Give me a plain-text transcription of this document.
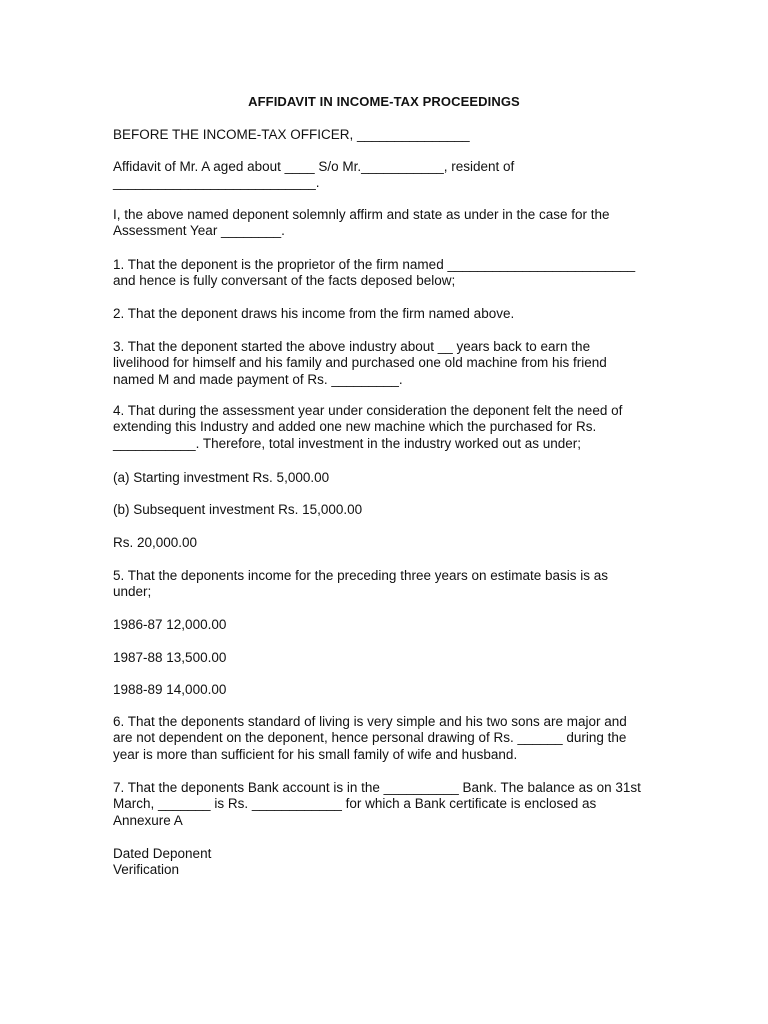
AFFIDAVIT IN INCOME-TAX PROCEEDINGS
BEFORE THE INCOME-TAX OFFICER, _______________
Affidavit of Mr. A aged about ____ S/o Mr.___________, resident of
___________________________.
I, the above named deponent solemnly affirm and state as under in the case for the
Assessment Year ________.
1. That the deponent is the proprietor of the firm named _________________________
and hence is fully conversant of the facts deposed below;
2. That the deponent draws his income from the firm named above.
3. That the deponent started the above industry about __ years back to earn the
livelihood for himself and his family and purchased one old machine from his friend
named M and made payment of Rs. _________.
4. That during the assessment year under consideration the deponent felt the need of
extending this Industry and added one new machine which the purchased for Rs.
___________. Therefore, total investment in the industry worked out as under;
(a) Starting investment Rs. 5,000.00
(b) Subsequent investment Rs. 15,000.00
Rs. 20,000.00
5. That the deponents income for the preceding three years on estimate basis is as
under;
1986-87 12,000.00
1987-88 13,500.00
1988-89 14,000.00
6. That the deponents standard of living is very simple and his two sons are major and
are not dependent on the deponent, hence personal drawing of Rs. ______ during the
year is more than sufficient for his small family of wife and husband.
7. That the deponents Bank account is in the __________ Bank. The balance as on 31st
March, _______ is Rs. ____________ for which a Bank certificate is enclosed as
Annexure A
Dated Deponent
Verification
